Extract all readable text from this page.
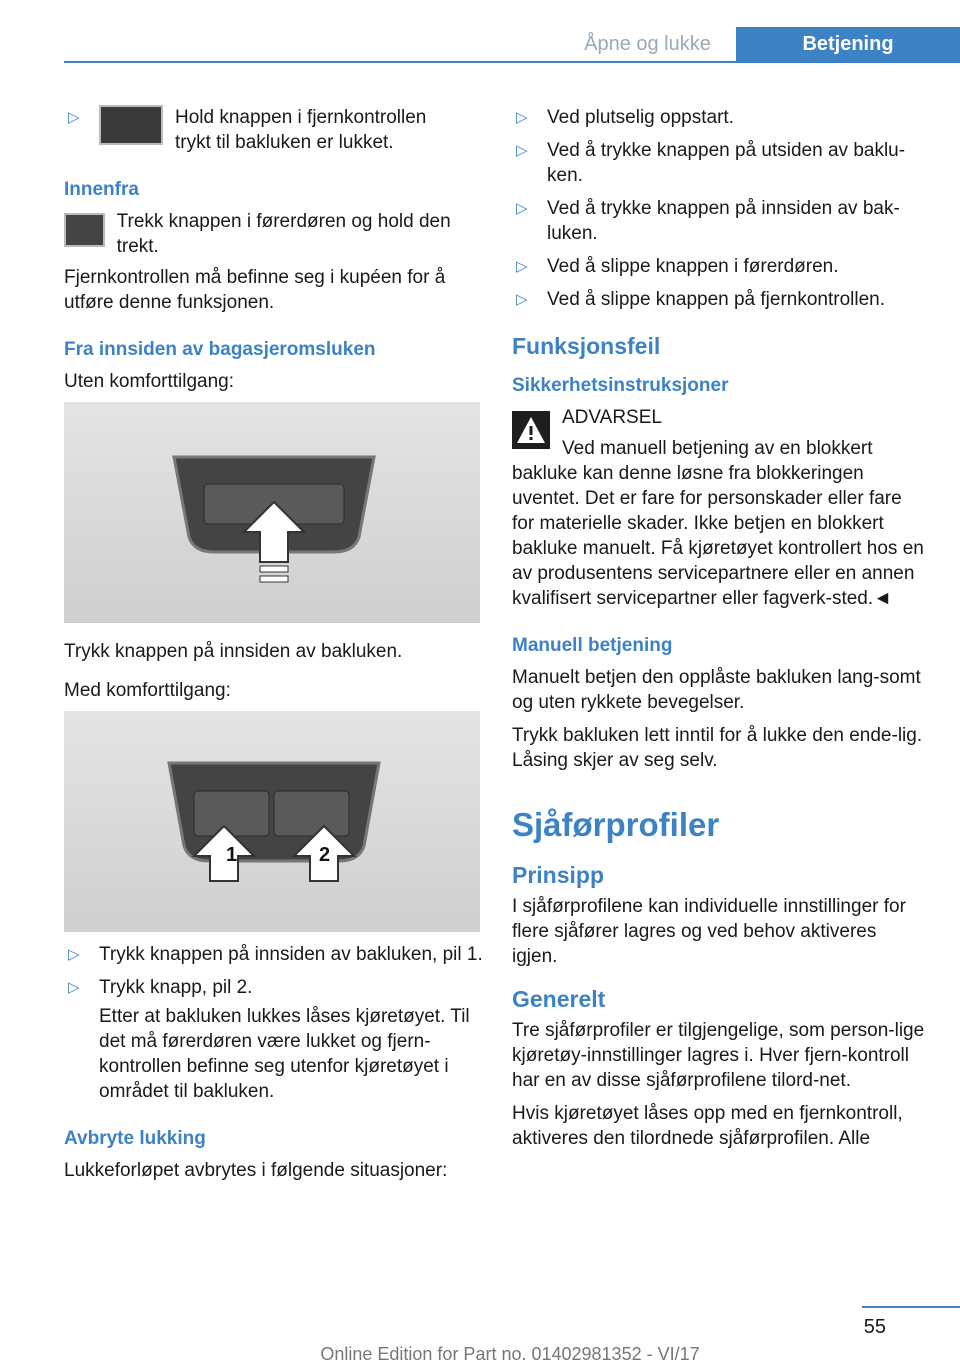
Åpne og lukke	Betjening
▷	Hold knappen i fjernkontrollen trykt til bakluken er lukket.
Innenfra
Trekk knappen i førerdøren og hold den trekt.

Fjernkontrollen må befinne seg i kupéen for å utføre denne funksjonen.

Fra innsiden av bagasjeromsluken

Uten komforttilgang:

Trykk knappen på innsiden av bakluken.

Med komforttilgang:

1	2
▷ Trykk knappen på innsiden av bakluken, pil 1.
▷ Trykk knapp, pil 2.
Etter at bakluken lukkes låses kjøretøyet. Til det må førerdøren være lukket og fjern-kontrollen befinne seg utenfor kjøretøyet i området til bakluken.
Avbryte lukking

Lukkeforløpet avbrytes i følgende situasjoner:

▷ Ved plutselig oppstart.
▷ Ved å trykke knappen på utsiden av baklu-ken.
▷ Ved å trykke knappen på innsiden av bak-luken.
▷ Ved å slippe knappen i førerdøren.
▷ Ved å slippe knappen på fjernkontrollen.
Funksjonsfeil
Sikkerhetsinstruksjoner
ADVARSEL

Ved manuell betjening av en blokkert bakluke kan denne løsne fra blokkeringen uventet. Det er fare for personskader eller fare for materielle skader. Ikke betjen en blokkert bakluke manuelt. Få kjøretøyet kontrollert hos en av produsentens servicepartnere eller en annen kvalifisert servicepartner eller fagverk-sted.◄

Manuell betjening

Manuelt betjen den opplåste bakluken lang-somt og uten rykkete bevegelser.

Trykk bakluken lett inntil for å lukke den ende-lig. Låsing skjer av seg selv.

Sjåførprofiler
Prinsipp

I sjåførprofilene kan individuelle innstillinger for flere sjåfører lagres og ved behov aktiveres igjen.

Generelt

Tre sjåførprofiler er tilgjengelige, som person-lige kjøretøy-innstillinger lagres i. Hver fjern-kontroll har en av disse sjåførprofilene tilord-net.

Hvis kjøretøyet låses opp med en fjernkontroll, aktiveres den tilordnede sjåførprofilen. Alle

55
Online Edition for Part no. 01402981352 - VI/17
